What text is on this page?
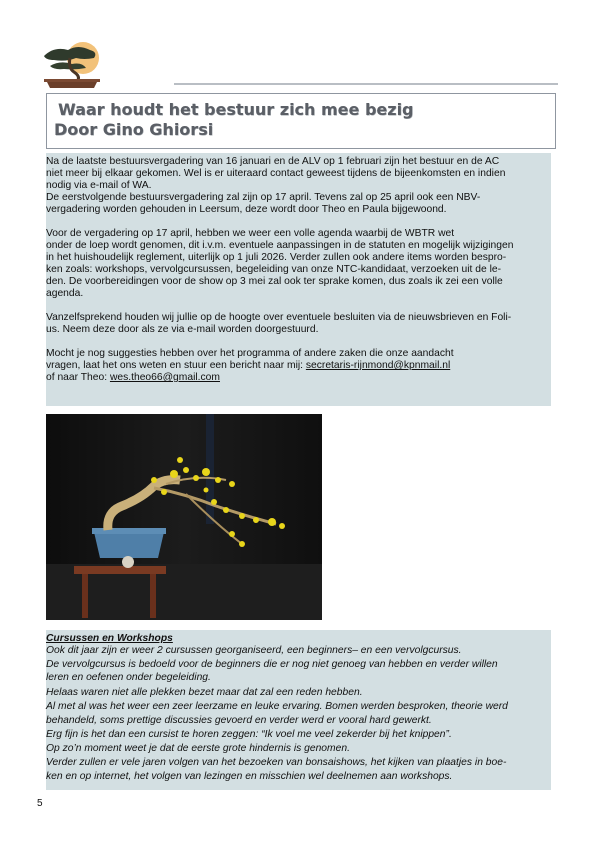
Waar houdt het bestuur zich mee bezig
Door Gino Ghiorsi

Na de laatste bestuursvergadering van 16 januari en de ALV op 1 februari zijn het bestuur en de AC

niet meer bij elkaar gekomen. Wel is er uiteraard contact geweest tijdens de bijeenkomsten en indien

nodig via e-mail of WA.

De eerstvolgende bestuursvergadering zal zijn op 17 april. Tevens zal op 25 april ook een NBV-

vergadering worden gehouden in Leersum, deze wordt door Theo en Paula bijgewoond.

Voor de vergadering op 17 april, hebben we weer een volle agenda waarbij de WBTR wet

onder de loep wordt genomen, dit i.v.m. eventuele aanpassingen in de statuten en mogelijk wijzigingen

in het huishoudelijk reglement, uiterlijk op 1 juli 2026. Verder zullen ook andere items worden bespro-

ken zoals: workshops, vervolgcursussen, begeleiding van onze NTC-kandidaat, verzoeken uit de le-

den. De voorbereidingen voor de show op 3 mei zal ook ter sprake komen, dus zoals ik zei een volle

agenda.

Vanzelfsprekend houden wij jullie op de hoogte over eventuele besluiten via de nieuwsbrieven en Foli-

us. Neem deze door als ze via e-mail worden doorgestuurd.

Mocht je nog suggesties hebben over het programma of andere zaken die onze aandacht

vragen, laat het ons weten en stuur een bericht naar mij: secretaris-rijnmond@kpnmail.nl

of naar Theo: wes.theo66@gmail.com

Cursussen en Workshops

Ook dit jaar zijn er weer 2 cursussen georganiseerd, een beginners– en een vervolgcursus.

De vervolgcursus is bedoeld voor de beginners die er nog niet genoeg van hebben en verder willen

leren en oefenen onder begeleiding.

Helaas waren niet alle plekken bezet maar dat zal een reden hebben.

Al met al was het weer een zeer leerzame en leuke ervaring. Bomen werden besproken, theorie werd

behandeld, soms prettige discussies gevoerd en verder werd er vooral hard gewerkt.

Erg fijn is het dan een cursist te horen zeggen: “Ik voel me veel zekerder bij het knippen”.

Op zo’n moment weet je dat de eerste grote hindernis is genomen.

Verder zullen er vele jaren volgen van het bezoeken van bonsaishows, het kijken van plaatjes in boe-

ken en op internet, het volgen van lezingen en misschien wel deelnemen aan workshops.

5
